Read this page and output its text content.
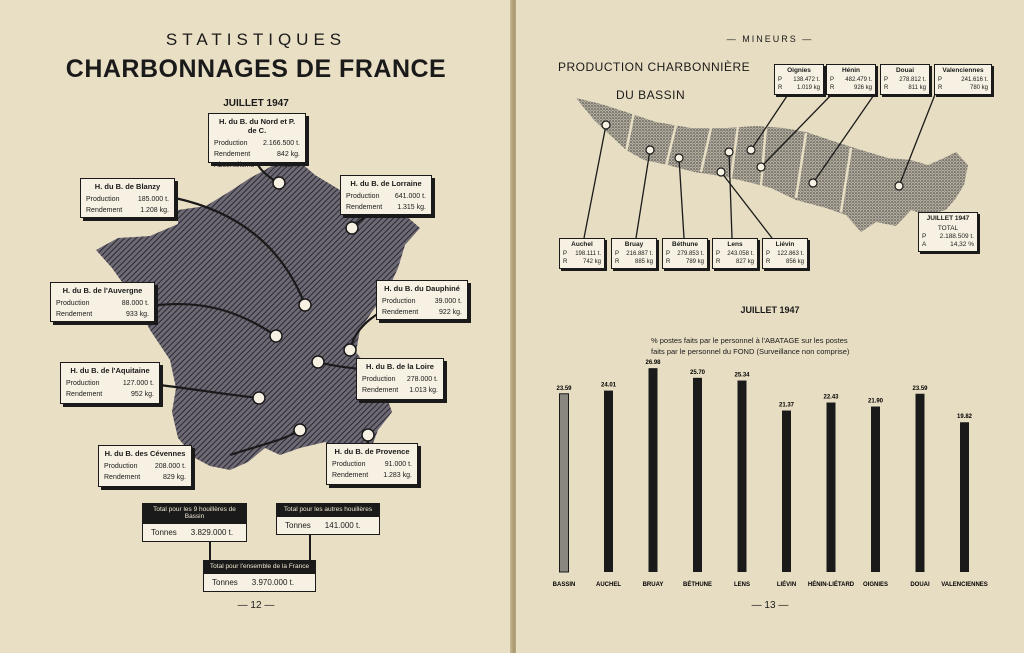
STATISTIQUES
CHARBONNAGES DE FRANCE
JUILLET 1947
H. du B. du Nord et P. de C.
Production 2.166.500 t.
Rendement	842 kg.
Absentéisme	14,32 %
H. du B. de Blanzy
Production	185.000 t.
Rendement	1.208 kg.
H. du B. de Lorraine
Production 641.000 t.
Rendement 1.315 kg.
H. du B. de l'Auvergne
Production	88.000 t.
Rendement	933 kg.
H. du B. du Dauphiné
Production	39.000 t.
Rendement	922 kg.
H. du B. de l'Aquitaine
Production	127.000 t.
Rendement	952 kg.
H. du B. de la Loire
Production 278.000 t.
Rendement 1.013 kg.
H. du B. des Cévennes
Production 208.000 t.
Rendement	829 kg.
H. du B. de Provence
Production	91.000 t.
Rendement 1.283 kg.
Total pour les 9 houillères de Bassin
Tonnes 3.829.000 t.
Total pour les autres houillères
Tonnes 141.000 t.
Total pour l'ensemble de la France
Tonnes 3.970.000 t.
— 12 —
— MINEURS —
PRODUCTION CHARBONNIÈRE
DU BASSIN
23.59
24.01
26.98
25.70	25.34
21.37
22.43
21.90
23.59
19.82
BASSIN	AUCHEL	BRUAY	BÉTHUNE	LENS	LIÉVIN HÉNIN-LIÉTARD OIGNIES	DOUAI VALENCIENNES
Oignies
P 138.472 t.
R 1.019 kg
Hénin
P 482.479 t.
R	926 kg
Douai
P 278.812 t.
R	811 kg
Valenciennes
P	241.616 t.
R	780 kg
Auchel
P 198.111 t.
R	742 kg
Bruay
P 216.887 t.
R	885 kg
Béthune
P 279.853 t.
R	789 kg
Lens
P 243.058 t.
R	827 kg
Liévin
P 122.863 t.
R	856 kg
JUILLET 1947
TOTAL
P 2.188.509 t.
A	14,32 %
JUILLET 1947
% postes faits par le personnel à l'ABATAGE sur les postes
faits par le personnel du FOND (Surveillance non comprise)
— 13 —
